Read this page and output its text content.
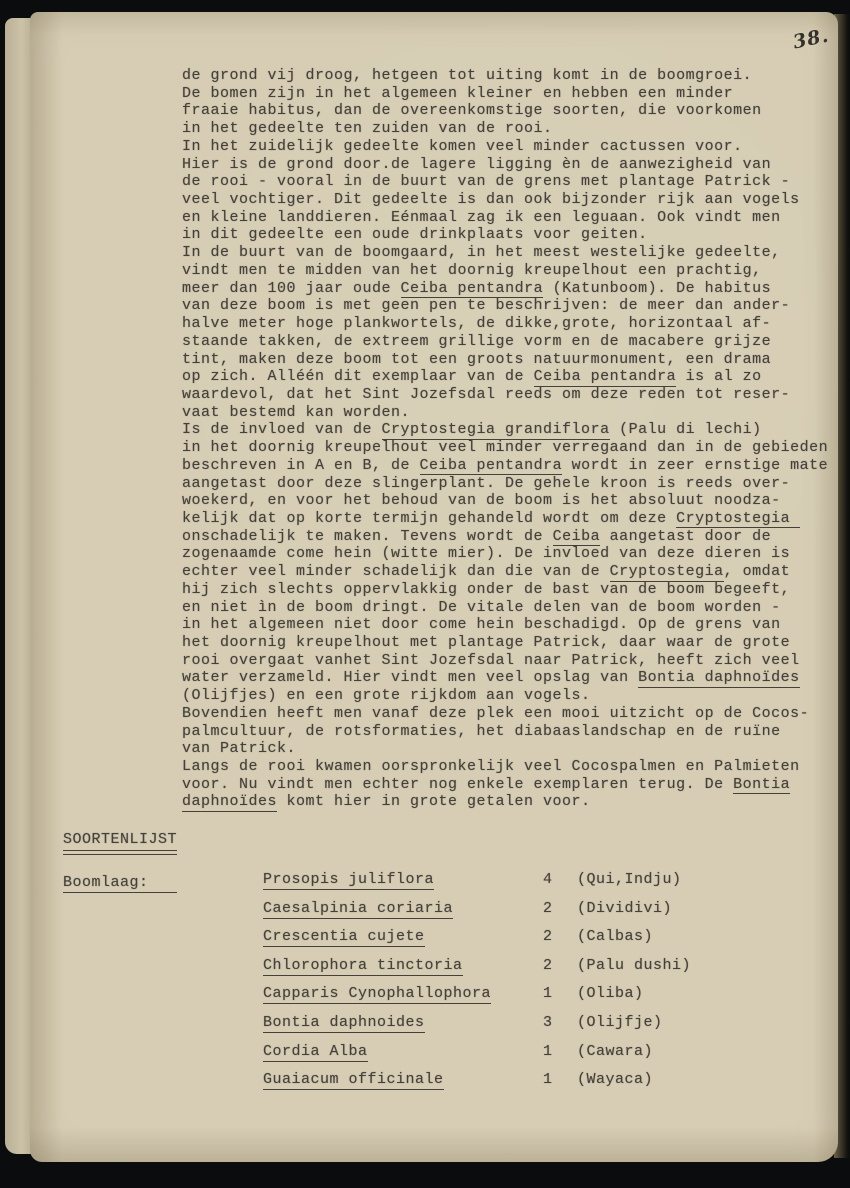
38.
de grond vij droog, hetgeen tot uiting komt in de boomgroei.
De bomen zijn in het algemeen kleiner en hebben een minder
fraaie habitus, dan de overeenkomstige soorten, die voorkomen
in het gedeelte ten zuiden van de rooi.
In het zuidelijk gedeelte komen veel minder cactussen voor.
Hier is de grond door.de lagere ligging èn de aanwezigheid van
de rooi - vooral in de buurt van de grens met plantage Patrick -
veel vochtiger. Dit gedeelte is dan ook bijzonder rijk aan vogels
en kleine landdieren. Eénmaal zag ik een leguaan. Ook vindt men
in dit gedeelte een oude drinkplaats voor geiten.
In de buurt van de boomgaard, in het meest westelijke gedeelte,
vindt men te midden van het doornig kreupelhout een prachtig,
meer dan 100 jaar oude Ceiba pentandra (Katunboom). De habitus
van deze boom is met geen pen te beschrijven: de meer dan ander-
halve meter hoge plankwortels, de dikke,grote, horizontaal af-
staande takken, de extreem grillige vorm en de macabere grijze
tint, maken deze boom tot een groots natuurmonument, een drama
op zich. Alléén dit exemplaar van de Ceiba pentandra is al zo
waardevol, dat het Sint Jozefsdal reeds om deze reden tot reser-
vaat bestemd kan worden.
Is de invloed van de Cryptostegia grandiflora (Palu di lechi)
in het doornig kreupelhout veel minder verregaand dan in de gebieden
beschreven in A en B, de Ceiba pentandra wordt in zeer ernstige mate
aangetast door deze slingerplant. De gehele kroon is reeds over-
woekerd, en voor het behoud van de boom is het absoluut noodza-
kelijk dat op korte termijn gehandeld wordt om deze Cryptostegia
onschadelijk te maken. Tevens wordt de Ceiba aangetast door de
zogenaamde come hein (witte mier). De invloed van deze dieren is
echter veel minder schadelijk dan die van de Cryptostegia, omdat
hij zich slechts oppervlakkig onder de bast van de boom begeeft,
en niet ìn de boom dringt. De vitale delen van de boom worden -
in het algemeen niet door come hein beschadigd. Op de grens van
het doornig kreupelhout met plantage Patrick, daar waar de grote
rooi overgaat vanhet Sint Jozefsdal naar Patrick, heeft zich veel
water verzameld. Hier vindt men veel opslag van Bontia daphnoïdes
(Olijfjes) en een grote rijkdom aan vogels.
Bovendien heeft men vanaf deze plek een mooi uitzicht op de Cocos-
palmcultuur, de rotsformaties, het diabaaslandschap en de ruïne
van Patrick.
Langs de rooi kwamen oorspronkelijk veel Cocospalmen en Palmieten
voor. Nu vindt men echter nog enkele exemplaren terug. De Bontia
daphnoïdes komt hier in grote getalen voor.
SOORTENLIJST
Boomlaag:	Prosopis juliflora	4	(Qui,Indju)
Caesalpinia coriaria	2	(Dividivi)
Crescentia cujete	2	(Calbas)
Chlorophora tinctoria	2	(Palu dushi)
Capparis Cynophallophora	1	(Oliba)
Bontia daphnoides	3	(Olijfje)
Cordia Alba	1	(Cawara)
Guaiacum officinale	1	(Wayaca)
